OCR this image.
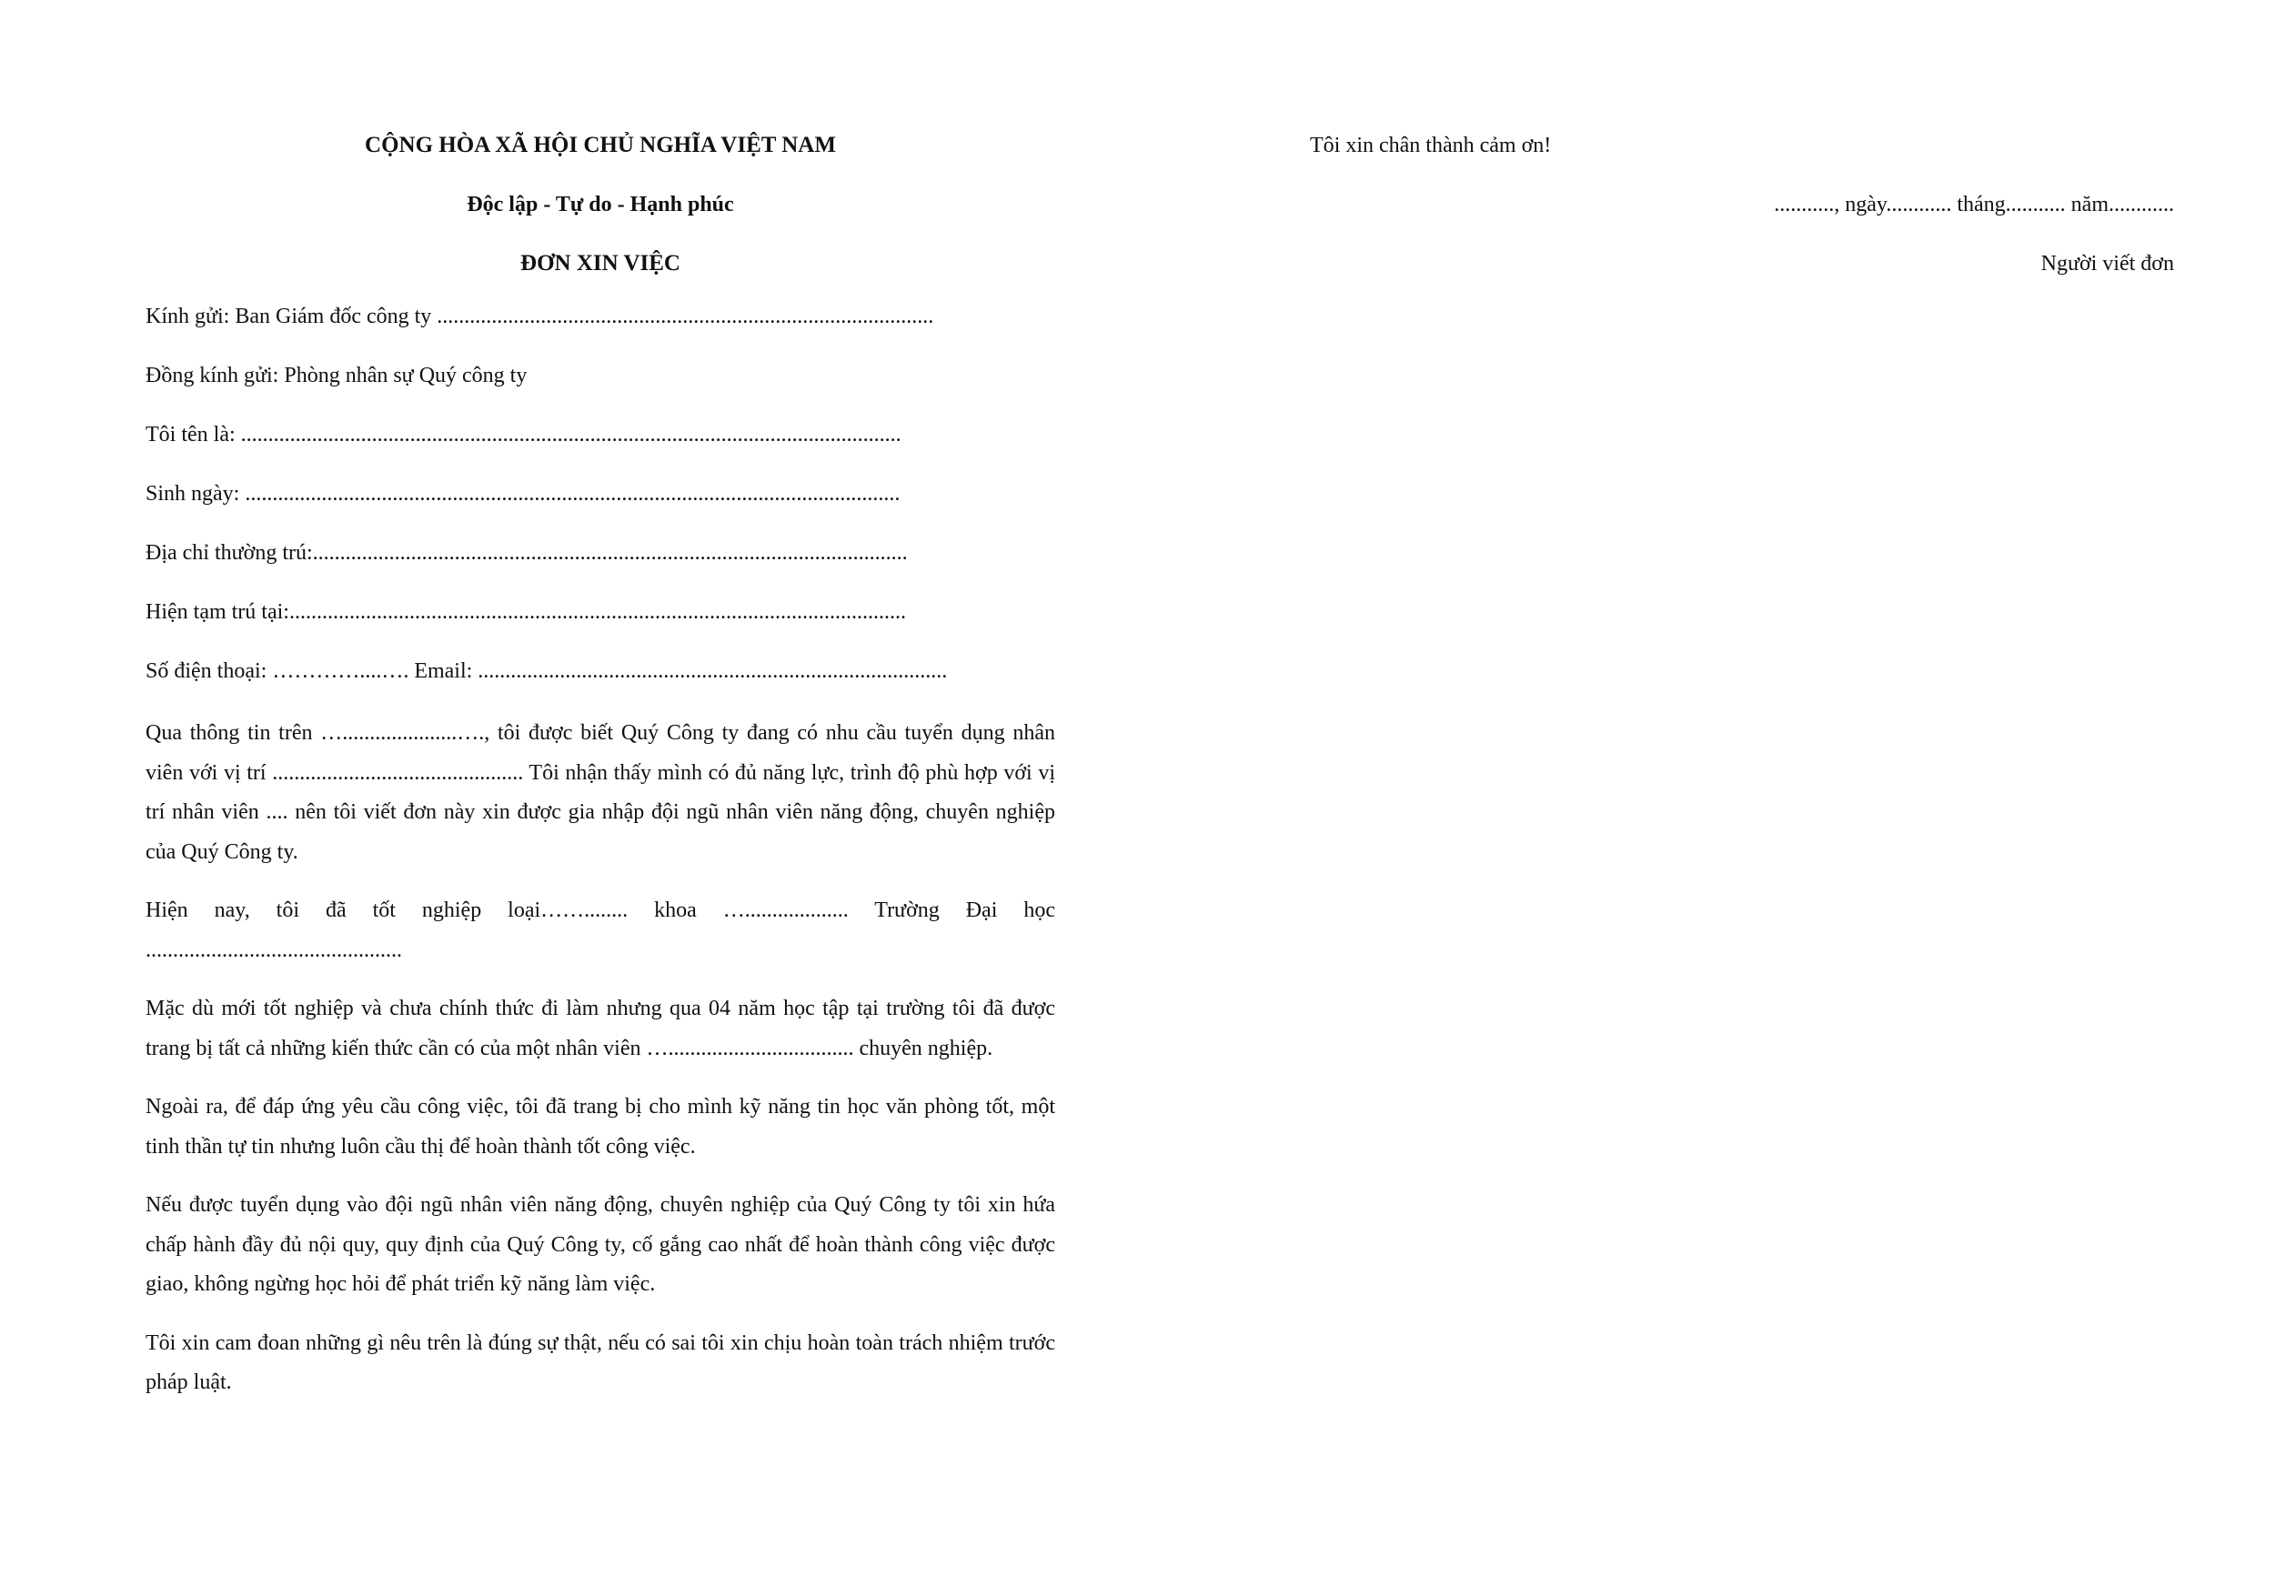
CỘNG HÒA XÃ HỘI CHỦ NGHĨA VIỆT NAM
Độc lập - Tự do - Hạnh phúc
ĐƠN XIN VIỆC
Kính gửi: Ban Giám đốc công ty ...........................................................................................
Đồng kính gửi: Phòng nhân sự Quý công ty
Tôi tên là: .........................................................................................................................
Sinh ngày: ........................................................................................................................
Địa chỉ thường trú:.............................................................................................................
Hiện tạm trú tại:.................................................................................................................
Số điện thoại: …………....…. Email: ......................................................................................

Qua thông tin trên ….....................…., tôi được biết Quý Công ty đang có nhu cầu tuyển dụng nhân viên với vị trí .............................................. Tôi nhận thấy mình có đủ năng lực, trình độ phù hợp với vị trí nhân viên .... nên tôi viết đơn này xin được gia nhập đội ngũ nhân viên năng động, chuyên nghiệp của Quý Công ty.

Hiện nay, tôi đã tốt nghiệp loại……........ khoa …................... Trường Đại học ...............................................

Mặc dù mới tốt nghiệp và chưa chính thức đi làm nhưng qua 04 năm học tập tại trường tôi đã được trang bị tất cả những kiến thức cần có của một nhân viên ….................................. chuyên nghiệp.

Ngoài ra, để đáp ứng yêu cầu công việc, tôi đã trang bị cho mình kỹ năng tin học văn phòng tốt, một tinh thần tự tin nhưng luôn cầu thị để hoàn thành tốt công việc.

Nếu được tuyển dụng vào đội ngũ nhân viên năng động, chuyên nghiệp của Quý Công ty tôi xin hứa chấp hành đầy đủ nội quy, quy định của Quý Công ty, cố gắng cao nhất để hoàn thành công việc được giao, không ngừng học hỏi để phát triển kỹ năng làm việc.

Tôi xin cam đoan những gì nêu trên là đúng sự thật, nếu có sai tôi xin chịu hoàn toàn trách nhiệm trước pháp luật.

Tôi xin chân thành cảm ơn!
..........., ngày............ tháng........... năm............
Người viết đơn
